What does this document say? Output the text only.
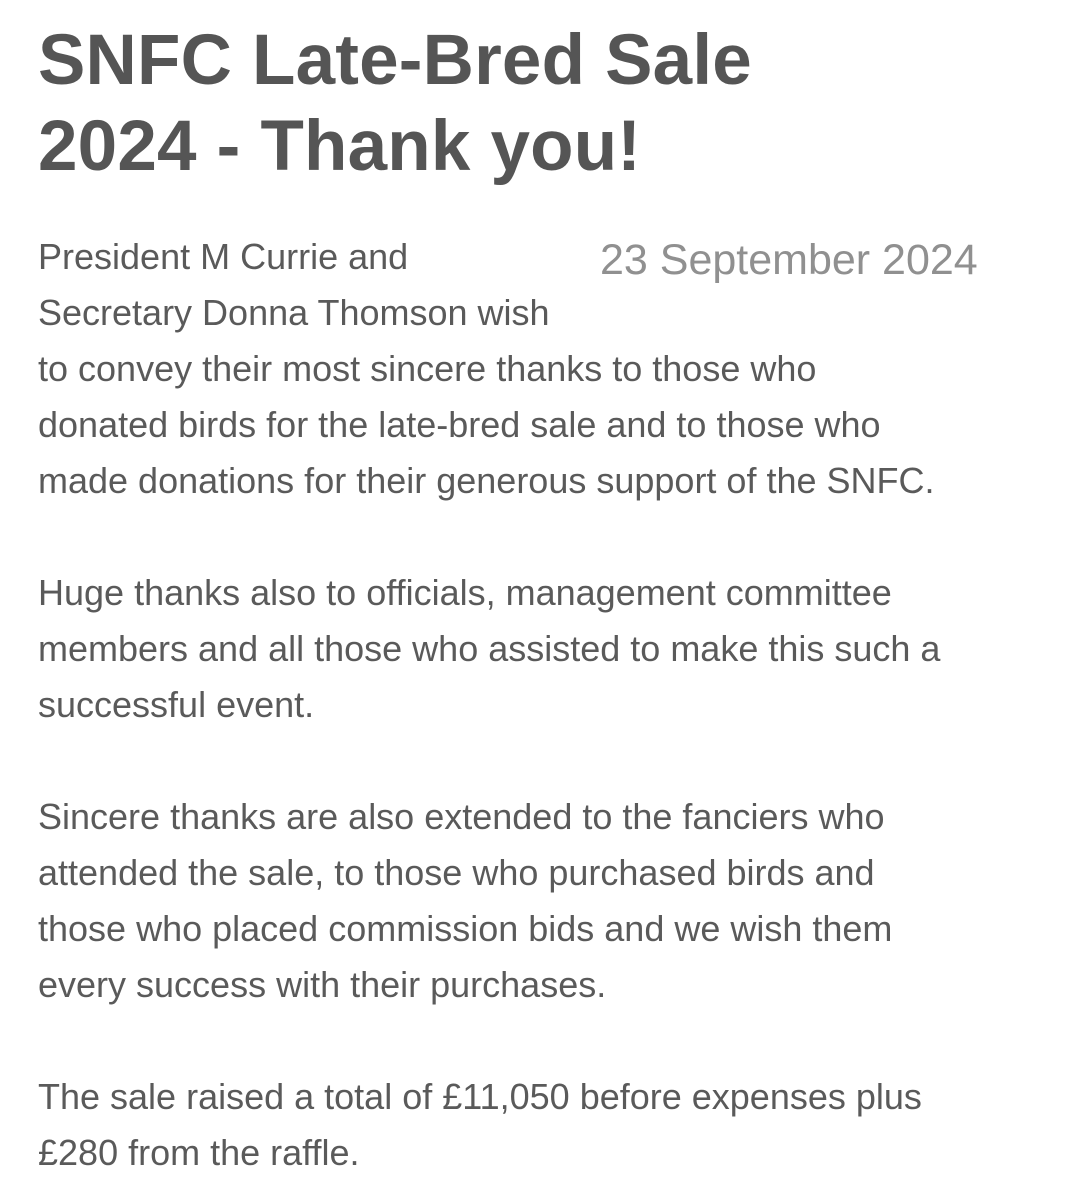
SNFC Late-Bred Sale
2024 - Thank you!
President M Currie and
Secretary Donna Thomson wish
23 September 2024
to convey their most sincere thanks to those who
donated birds for the late-bred sale and to those who
made donations for their generous support of the SNFC.
Huge thanks also to officials, management committee
members and all those who assisted to make this such a
successful event.
Sincere thanks are also extended to the fanciers who
attended the sale, to those who purchased birds and
those who placed commission bids and we wish them
every success with their purchases.
The sale raised a total of £11,050 before expenses plus
£280 from the raffle.
